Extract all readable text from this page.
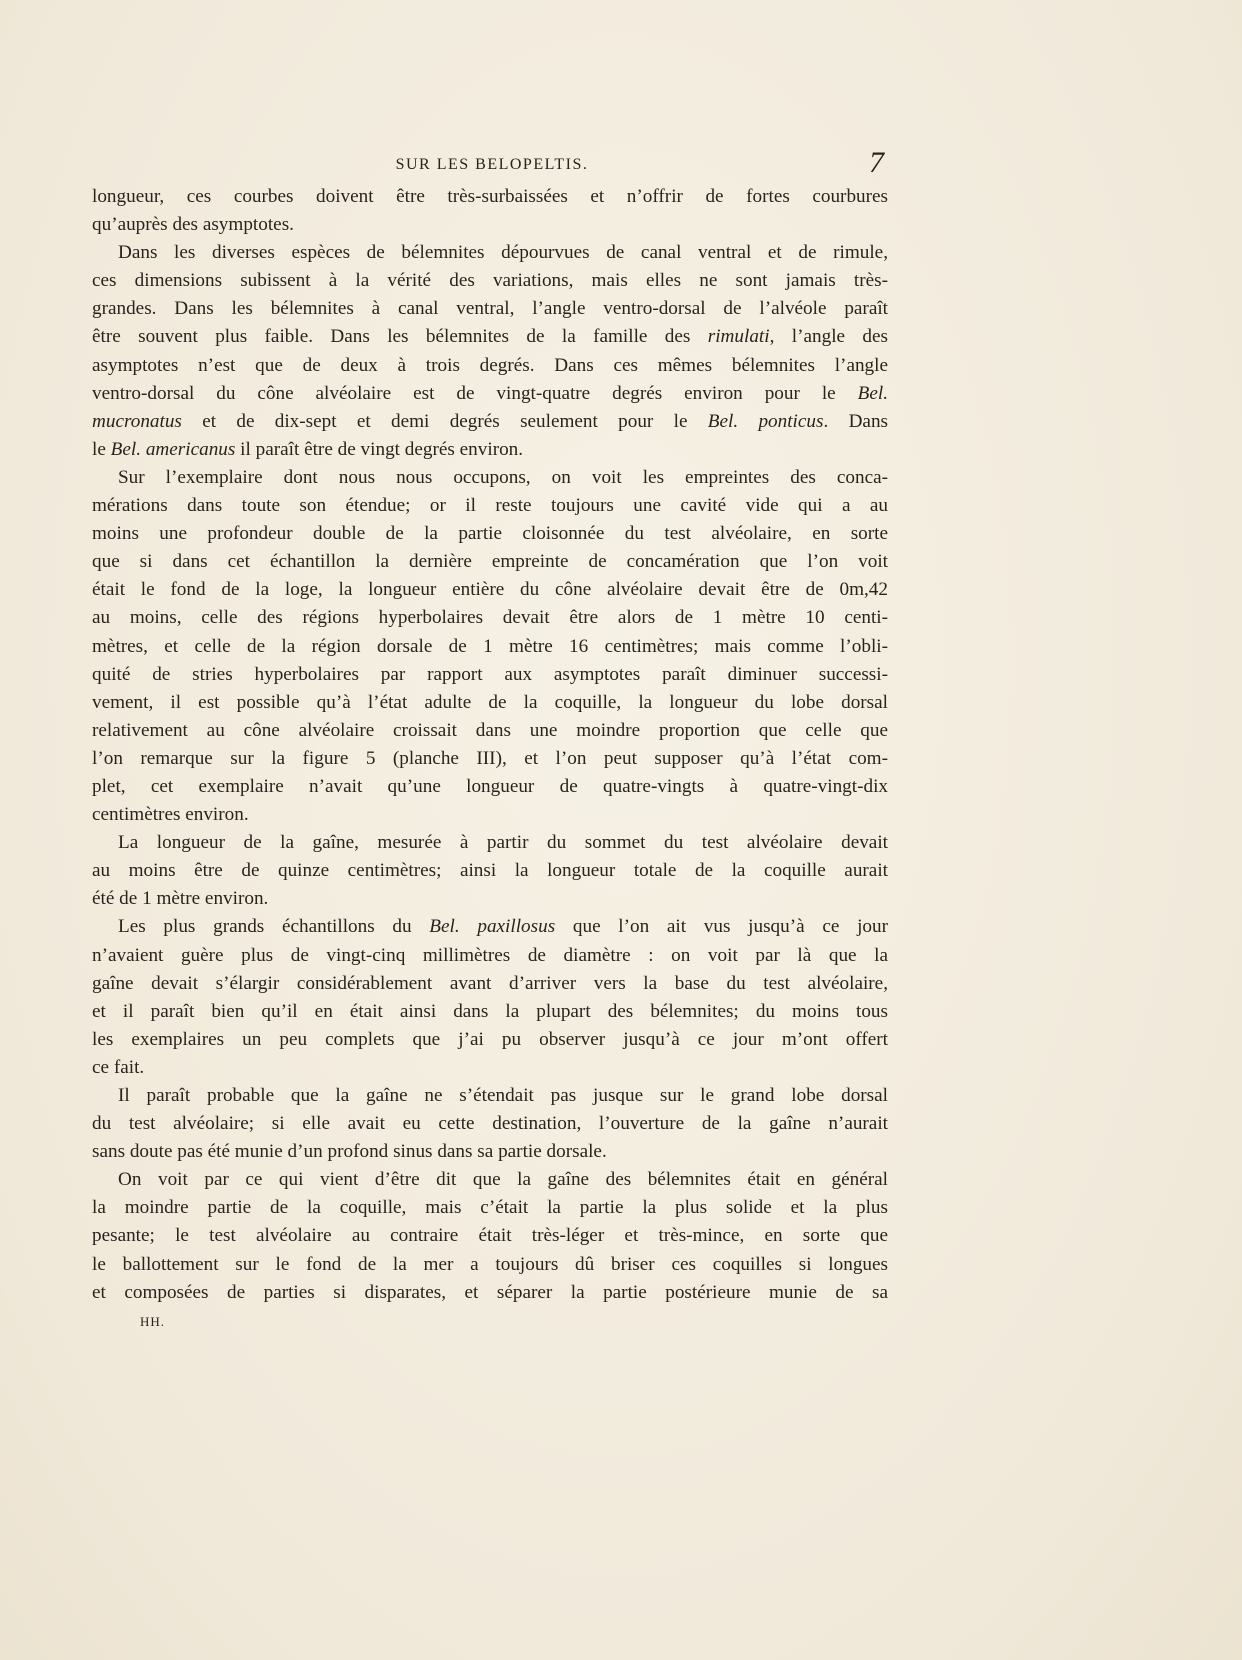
SUR LES BELOPELTIS.	7
longueur, ces courbes doivent être très-surbaissées et n’offrir de fortes courbures
qu’auprès des asymptotes.
Dans les diverses espèces de bélemnites dépourvues de canal ventral et de rimule,
ces dimensions subissent à la vérité des variations, mais elles ne sont jamais très-
grandes. Dans les bélemnites à canal ventral, l’angle ventro-dorsal de l’alvéole paraît
être souvent plus faible. Dans les bélemnites de la famille des rimulati, l’angle des
asymptotes n’est que de deux à trois degrés. Dans ces mêmes bélemnites l’angle
ventro-dorsal du cône alvéolaire est de vingt-quatre degrés environ pour le Bel.
mucronatus et de dix-sept et demi degrés seulement pour le Bel. ponticus. Dans
le Bel. americanus il paraît être de vingt degrés environ.
Sur l’exemplaire dont nous nous occupons, on voit les empreintes des conca-
mérations dans toute son étendue; or il reste toujours une cavité vide qui a au
moins une profondeur double de la partie cloisonnée du test alvéolaire, en sorte
que si dans cet échantillon la dernière empreinte de concamération que l’on voit
était le fond de la loge, la longueur entière du cône alvéolaire devait être de 0m,42
au moins, celle des régions hyperbolaires devait être alors de 1 mètre 10 centi-
mètres, et celle de la région dorsale de 1 mètre 16 centimètres; mais comme l’obli-
quité de stries hyperbolaires par rapport aux asymptotes paraît diminuer successi-
vement, il est possible qu’à l’état adulte de la coquille, la longueur du lobe dorsal
relativement au cône alvéolaire croissait dans une moindre proportion que celle que
l’on remarque sur la figure 5 (planche III), et l’on peut supposer qu’à l’état com-
plet, cet exemplaire n’avait qu’une longueur de quatre-vingts à quatre-vingt-dix
centimètres environ.
La longueur de la gaîne, mesurée à partir du sommet du test alvéolaire devait
au moins être de quinze centimètres; ainsi la longueur totale de la coquille aurait
été de 1 mètre environ.
Les plus grands échantillons du Bel. paxillosus que l’on ait vus jusqu’à ce jour
n’avaient guère plus de vingt-cinq millimètres de diamètre : on voit par là que la
gaîne devait s’élargir considérablement avant d’arriver vers la base du test alvéolaire,
et il paraît bien qu’il en était ainsi dans la plupart des bélemnites; du moins tous
les exemplaires un peu complets que j’ai pu observer jusqu’à ce jour m’ont offert
ce fait.
Il paraît probable que la gaîne ne s’étendait pas jusque sur le grand lobe dorsal
du test alvéolaire; si elle avait eu cette destination, l’ouverture de la gaîne n’aurait
sans doute pas été munie d’un profond sinus dans sa partie dorsale.
On voit par ce qui vient d’être dit que la gaîne des bélemnites était en général
la moindre partie de la coquille, mais c’était la partie la plus solide et la plus
pesante; le test alvéolaire au contraire était très-léger et très-mince, en sorte que
le ballottement sur le fond de la mer a toujours dû briser ces coquilles si longues
et composées de parties si disparates, et séparer la partie postérieure munie de sa
HH.
